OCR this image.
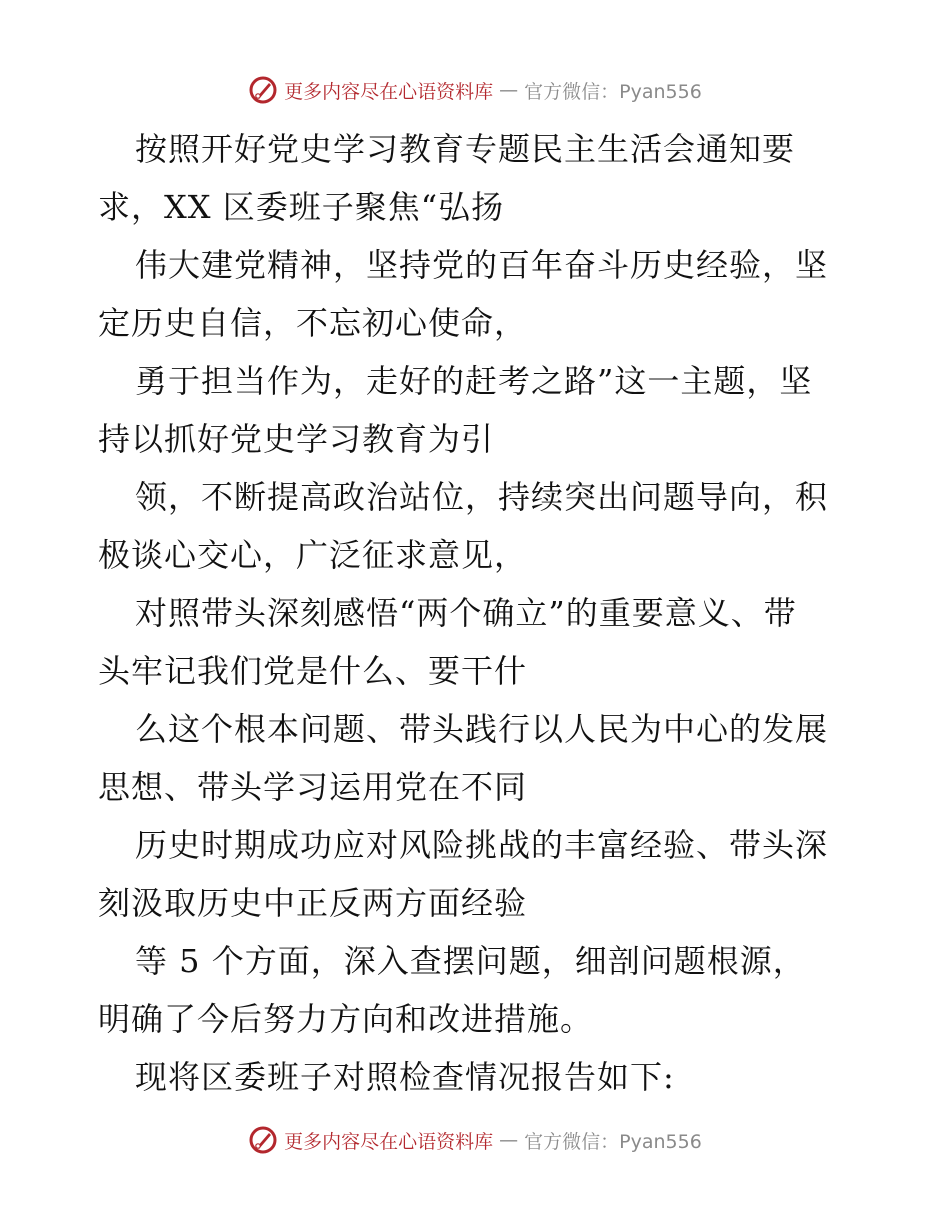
更多内容尽在心语资料库 — 官方微信：Pyan556
按照开好党史学习教育专题民主生活会通知要
求，XX 区委班子聚焦“弘扬
伟大建党精神，坚持党的百年奋斗历史经验，坚
定历史自信，不忘初心使命，
勇于担当作为，走好的赶考之路”这一主题，坚
持以抓好党史学习教育为引
领，不断提高政治站位，持续突出问题导向，积
极谈心交心，广泛征求意见，
对照带头深刻感悟“两个确立”的重要意义、带
头牢记我们党是什么、要干什
么这个根本问题、带头践行以人民为中心的发展
思想、带头学习运用党在不同
历史时期成功应对风险挑战的丰富经验、带头深
刻汲取历史中正反两方面经验
等 5 个方面，深入查摆问题，细剖问题根源，
明确了今后努力方向和改进措施。
现将区委班子对照检查情况报告如下:
更多内容尽在心语资料库 — 官方微信：Pyan556
